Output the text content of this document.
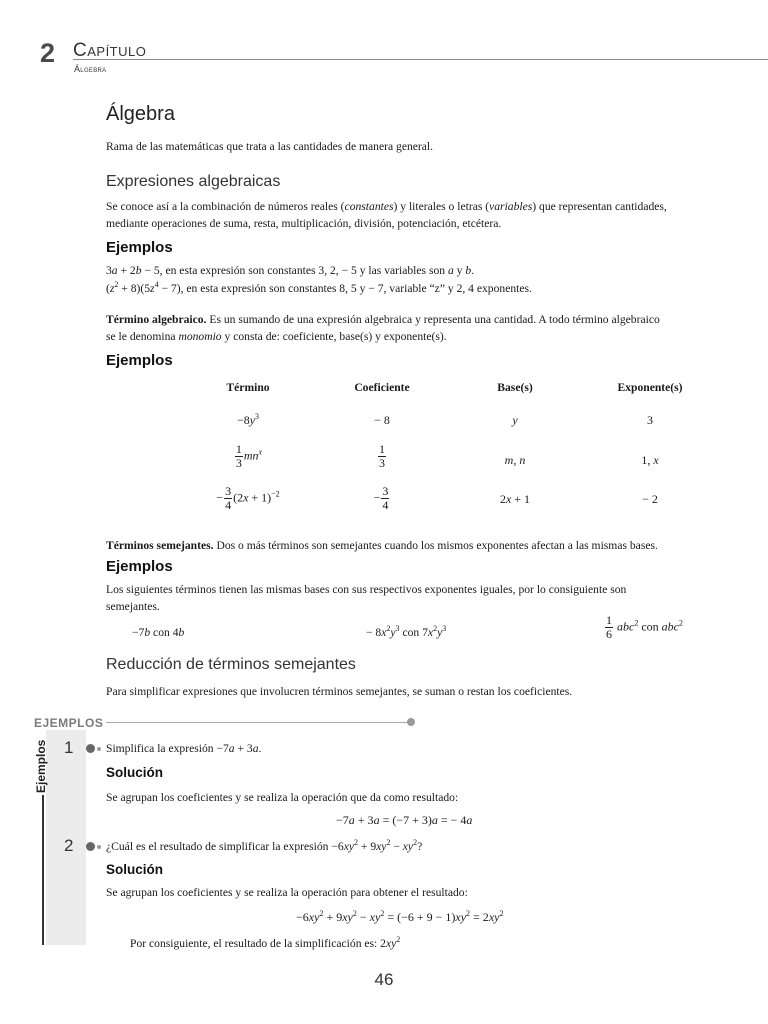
2 Capítulo
Álgebra
Álgebra
Rama de las matemáticas que trata a las cantidades de manera general.
Expresiones algebraicas
Se conoce así a la combinación de números reales (constantes) y literales o letras (variables) que representan cantidades,
mediante operaciones de suma, resta, multiplicación, división, potenciación, etcétera.
Ejemplos
3a + 2b − 5, en esta expresión son constantes 3, 2, − 5 y las variables son a y b.
$(z^2 + 8)(5z^4 - 7)$, en esta expresión son constantes 8, 5 y − 7, variable “z” y 2, 4 exponentes.
Término algebraico. Es un sumando de una expresión algebraica y representa una cantidad. A todo término algebraico
se le denomina monomio y consta de: coeficiente, base(s) y exponente(s).
Ejemplos
Término	Coeficiente	Base(s)	Exponente(s)
$-8y^3$	− 8	y	3
$\frac{1}{3} mn^x$	$\frac{1}{3}$	m, n	1, x
− $\frac{3}{4} (2x + 1)^{-2}$	− $\frac{3}{4}$	2x + 1	− 2
Términos semejantes. Dos o más términos son semejantes cuando los mismos exponentes afectan a las mismas bases.
Ejemplos
Los siguientes términos tienen las mismas bases con sus respectivos exponentes iguales, por lo consiguiente son
semejantes.
−7b con 4b	− $8x^2y^3$ con $7x^2y^3$	$\frac{1}{6} abc^2$ con abc$^2$
Reducción de términos semejantes
Para simplificar expresiones que involucren términos semejantes, se suman o restan los coeficientes.
EJEMPLOS
Ejemplos 1	Simplifica la expresión −7a + 3a.
Solución
Se agrupan los coeficientes y se realiza la operación que da como resultado:
−7a + 3a = (−7 + 3)a = − 4a
2	¿Cuál es el resultado de simplificar la expresión $-6xy^2 + 9xy^2 - xy^2$?
Solución
Se agrupan los coeficientes y se realiza la operación para obtener el resultado:
$-6xy^2 + 9xy^2 - xy^2 = (-6 + 9 - 1)xy^2 = 2xy^2$
Por consiguiente, el resultado de la simplificación es: $2xy^2$
46
